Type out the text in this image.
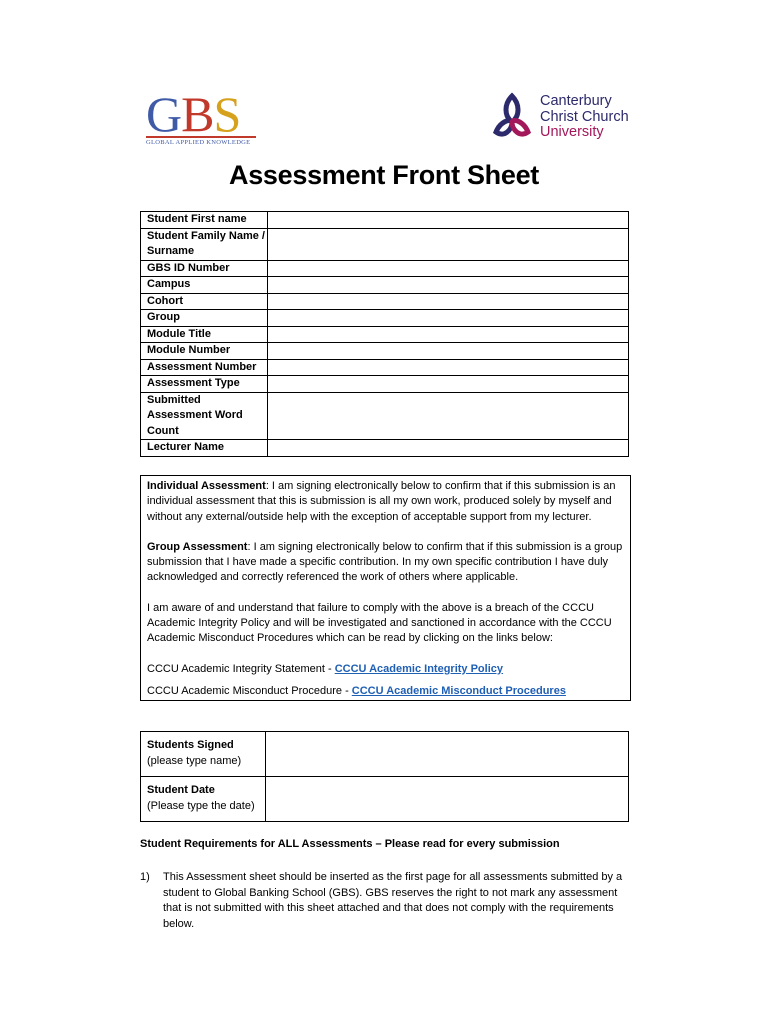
GBS
GLOBAL APPLIED KNOWLEDGE
Canterbury
Christ Church
University
Assessment Front Sheet
Student First name	
Student Family Name / Surname	
GBS ID Number	
Campus	
Cohort	
Group	
Module Title	
Module Number	
Assessment Number	
Assessment Type	
Submitted Assessment Word Count	
Lecturer Name	

Individual Assessment: I am signing electronically below to confirm that if this submission is an individual assessment that this is submission is all my own work, produced solely by myself and without any external/outside help with the exception of acceptable support from my lecturer.

Group Assessment: I am signing electronically below to confirm that if this submission is a group submission that I have made a specific contribution. In my own specific contribution I have duly acknowledged and correctly referenced the work of others where applicable.

I am aware of and understand that failure to comply with the above is a breach of the CCCU Academic Integrity Policy and will be investigated and sanctioned in accordance with the CCCU Academic Misconduct Procedures which can be read by clicking on the links below:

CCCU Academic Integrity Statement - CCCU Academic Integrity Policy

CCCU Academic Misconduct Procedure - CCCU Academic Misconduct Procedures

Students Signed
(please type name)	

Student Date
(Please type the date)	

Student Requirements for ALL Assessments – Please read for every submission

1)	This Assessment sheet should be inserted as the first page for all assessments submitted by a student to Global Banking School (GBS). GBS reserves the right to not mark any assessment that is not submitted with this sheet attached and that does not comply with the requirements below.
